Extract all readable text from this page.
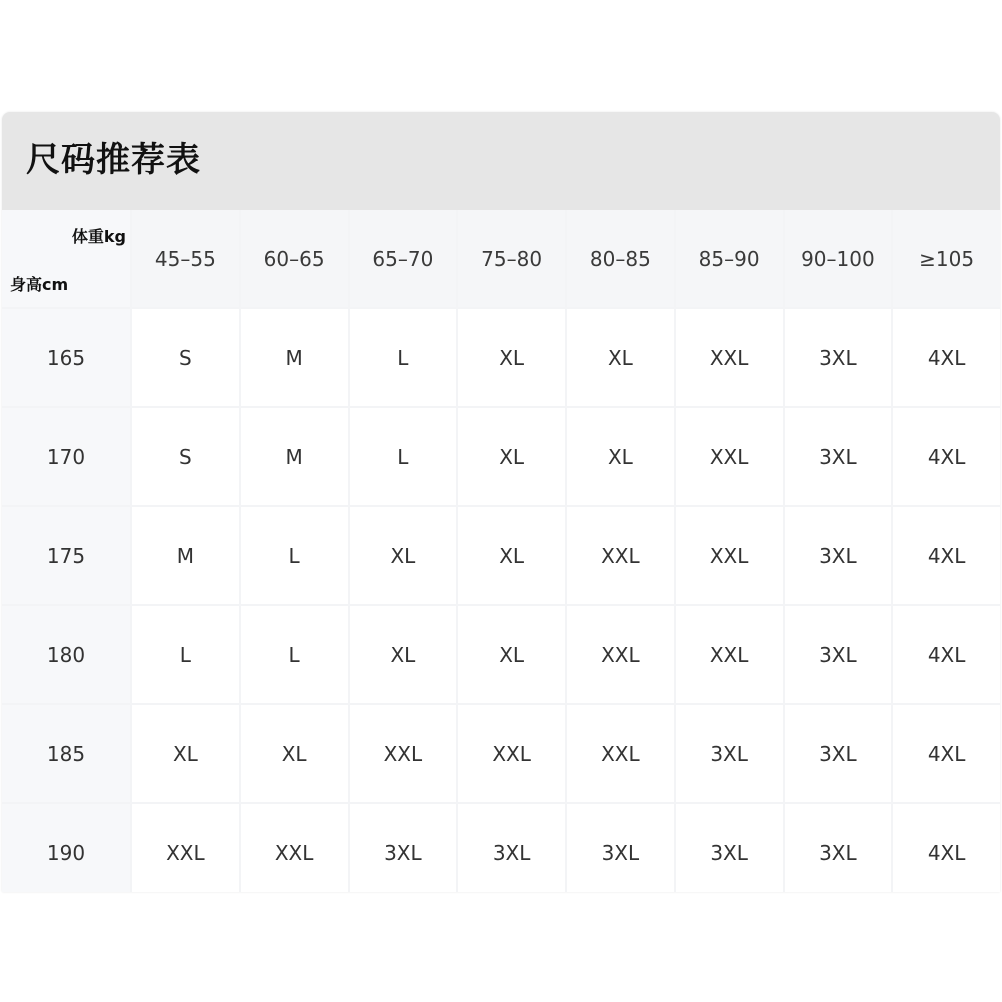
尺码推荐表
体重kg
身高cm
45–55	60–65	65–70	75–80	80–85	85–90	90–100	≥105
165	S	M	L	XL	XL	XXL	3XL	4XL
170	S	M	L	XL	XL	XXL	3XL	4XL
175	M	L	XL	XL	XXL	XXL	3XL	4XL
180	L	L	XL	XL	XXL	XXL	3XL	4XL
185	XL	XL	XXL	XXL	XXL	3XL	3XL	4XL
190	XXL	XXL	3XL	3XL	3XL	3XL	3XL	4XL
